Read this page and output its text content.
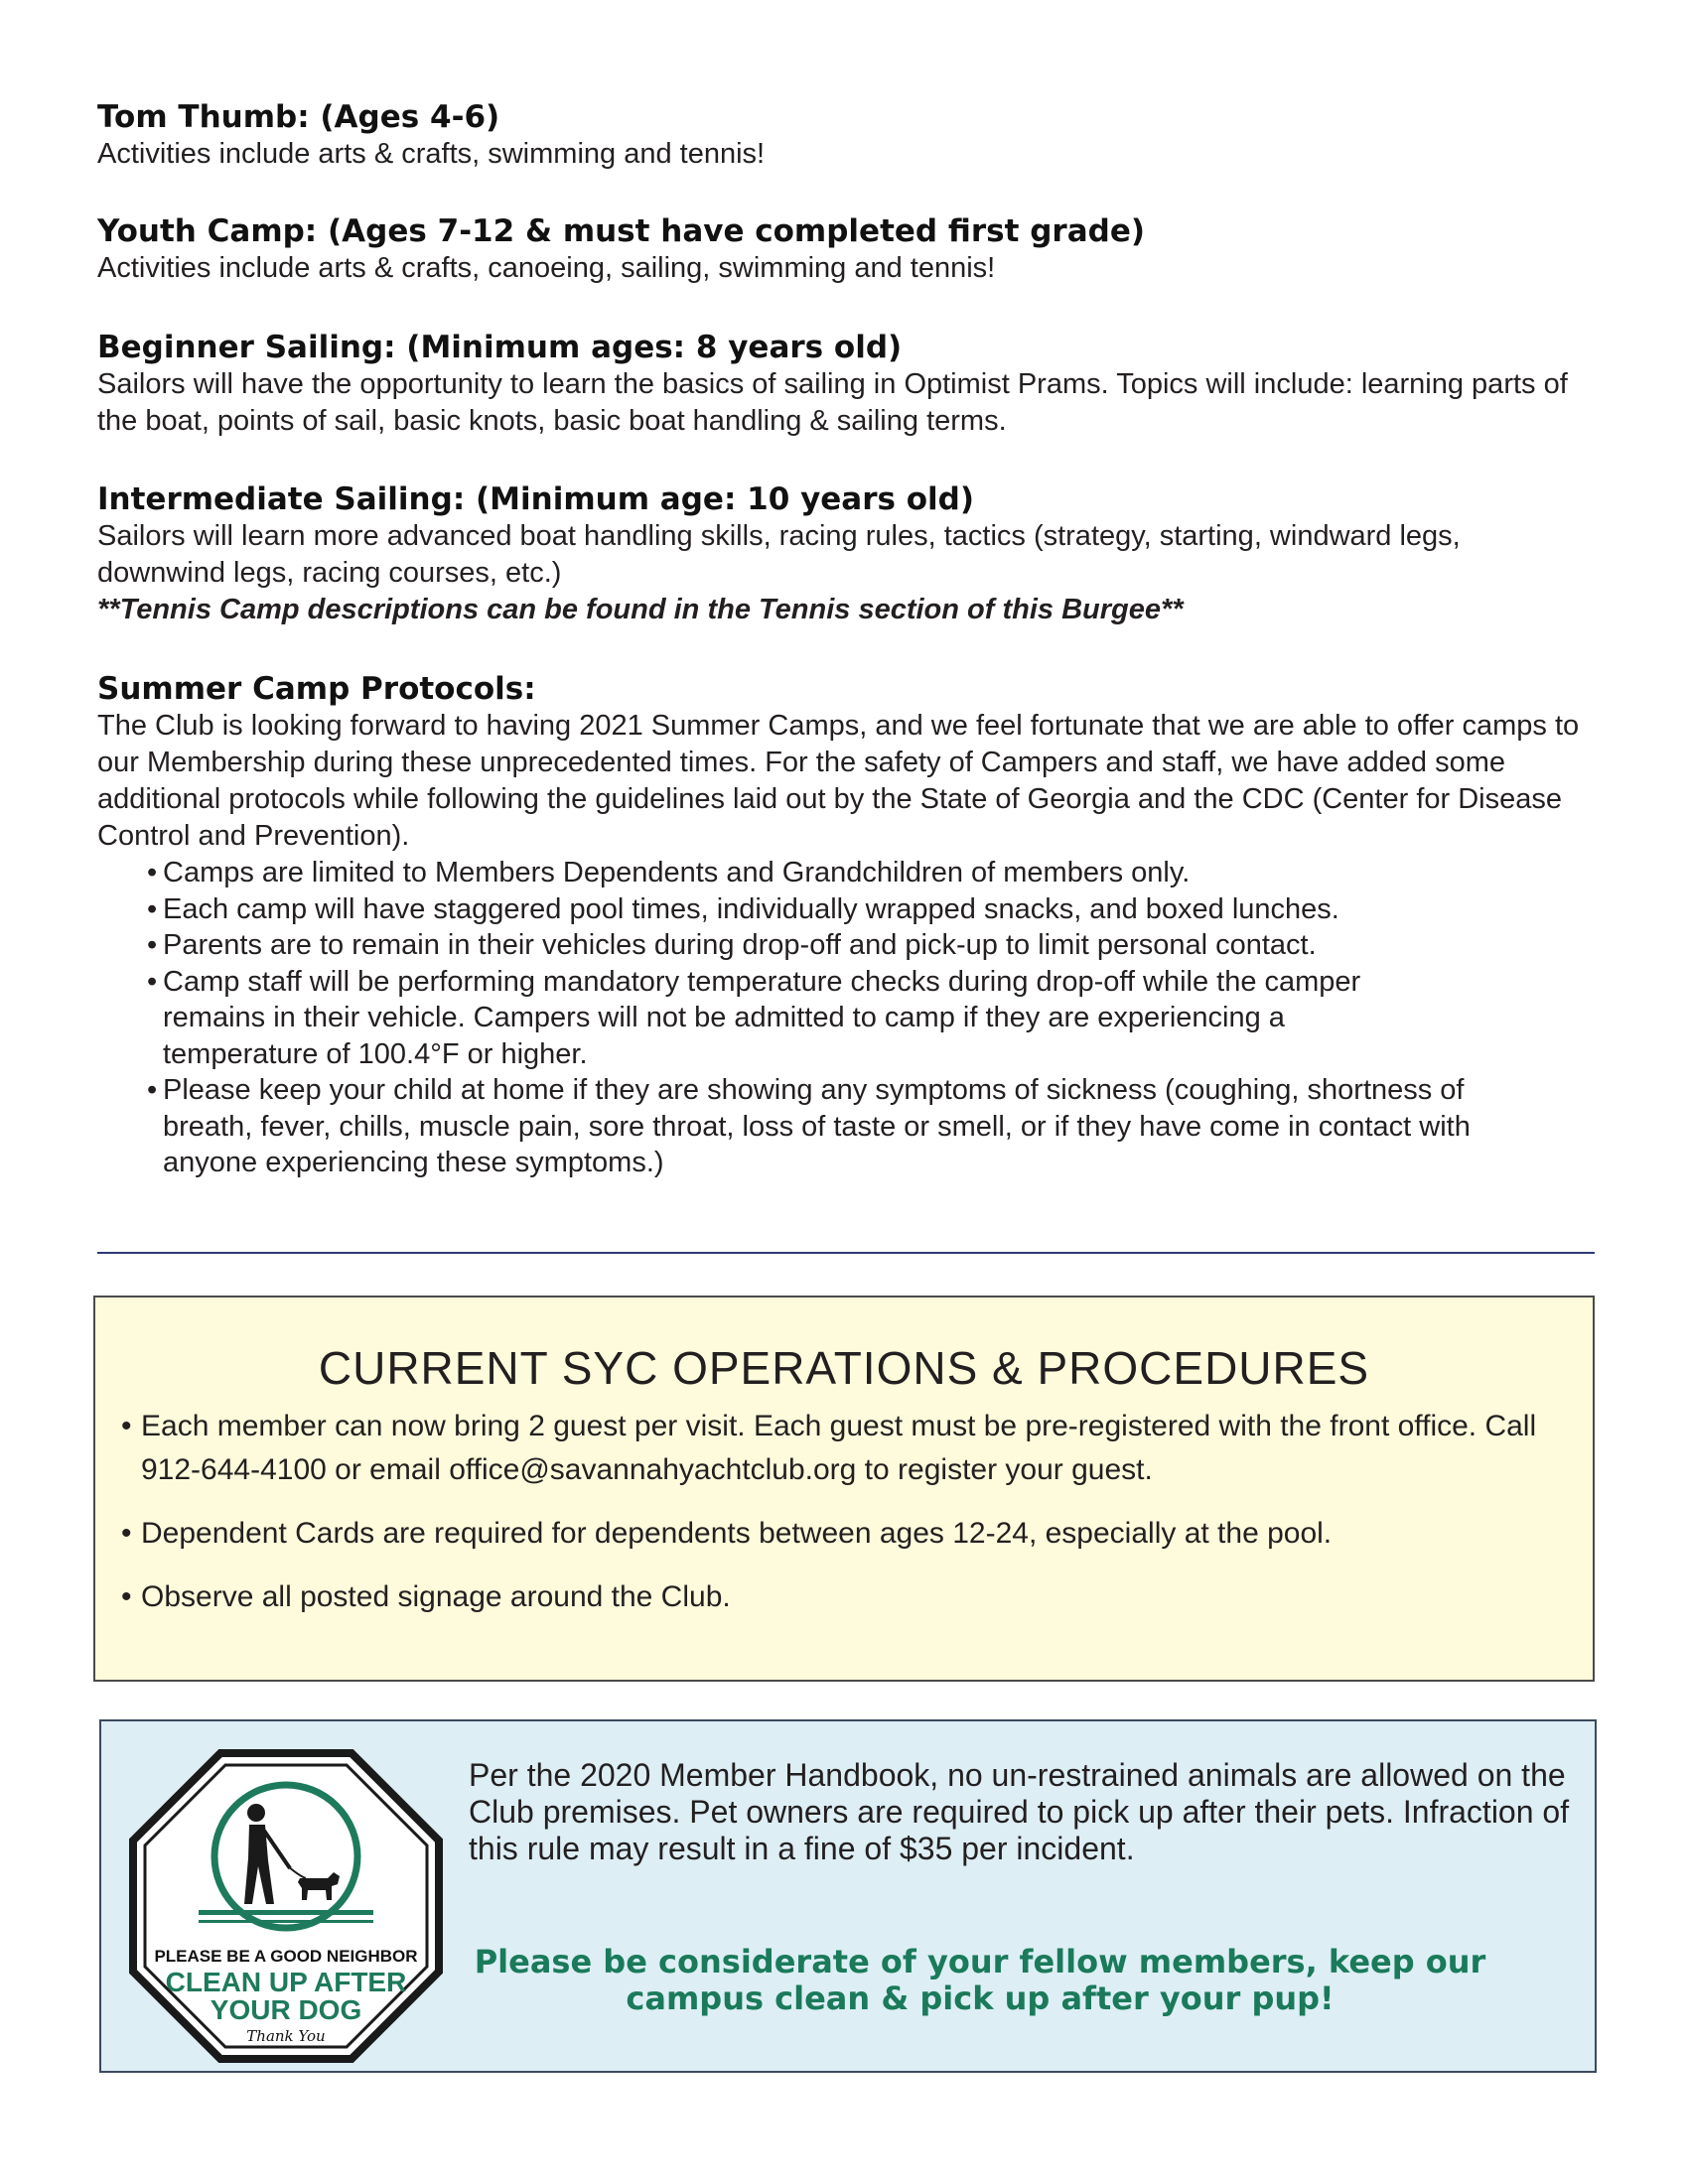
Tom Thumb: (Ages 4-6)

Activities include arts & crafts, swimming and tennis!

Youth Camp: (Ages 7-12 & must have completed first grade)

Activities include arts & crafts, canoeing, sailing, swimming and tennis!

Beginner Sailing: (Minimum ages: 8 years old)

Sailors will have the opportunity to learn the basics of sailing in Optimist Prams. Topics will include: learning parts of the boat, points of sail, basic knots, basic boat handling & sailing terms.

Intermediate Sailing: (Minimum age: 10 years old)

Sailors will learn more advanced boat handling skills, racing rules, tactics (strategy, starting, windward legs, downwind legs, racing courses, etc.)

**Tennis Camp descriptions can be found in the Tennis section of this Burgee**

Summer Camp Protocols:

The Club is looking forward to having 2021 Summer Camps, and we feel fortunate that we are able to offer camps to our Membership during these unprecedented times. For the safety of Campers and staff, we have added some additional protocols while following the guidelines laid out by the State of Georgia and the CDC (Center for Disease Control and Prevention).

• Camps are limited to Members Dependents and Grandchildren of members only.
• Each camp will have staggered pool times, individually wrapped snacks, and boxed lunches.
• Parents are to remain in their vehicles during drop-off and pick-up to limit personal contact.
• Camp staff will be performing mandatory temperature checks during drop-off while the camper remains in their vehicle. Campers will not be admitted to camp if they are experiencing a temperature of 100.4°F or higher.
• Please keep your child at home if they are showing any symptoms of sickness (coughing, shortness of breath, fever, chills, muscle pain, sore throat, loss of taste or smell, or if they have come in contact with anyone experiencing these symptoms.)

CURRENT SYC OPERATIONS & PROCEDURES

• Each member can now bring 2 guest per visit. Each guest must be pre-registered with the front office. Call 912-644-4100 or email office@savannahyachtclub.org to register your guest.
• Dependent Cards are required for dependents between ages 12-24, especially at the pool.
• Observe all posted signage around the Club.
PLEASE BE A GOOD NEIGHBOR
CLEAN UP AFTER
YOUR DOG
Thank You

Per the 2020 Member Handbook, no un-restrained animals are allowed on the Club premises. Pet owners are required to pick up after their pets. Infraction of this rule may result in a fine of $35 per incident.

Please be considerate of your fellow members, keep our campus clean & pick up after your pup!
